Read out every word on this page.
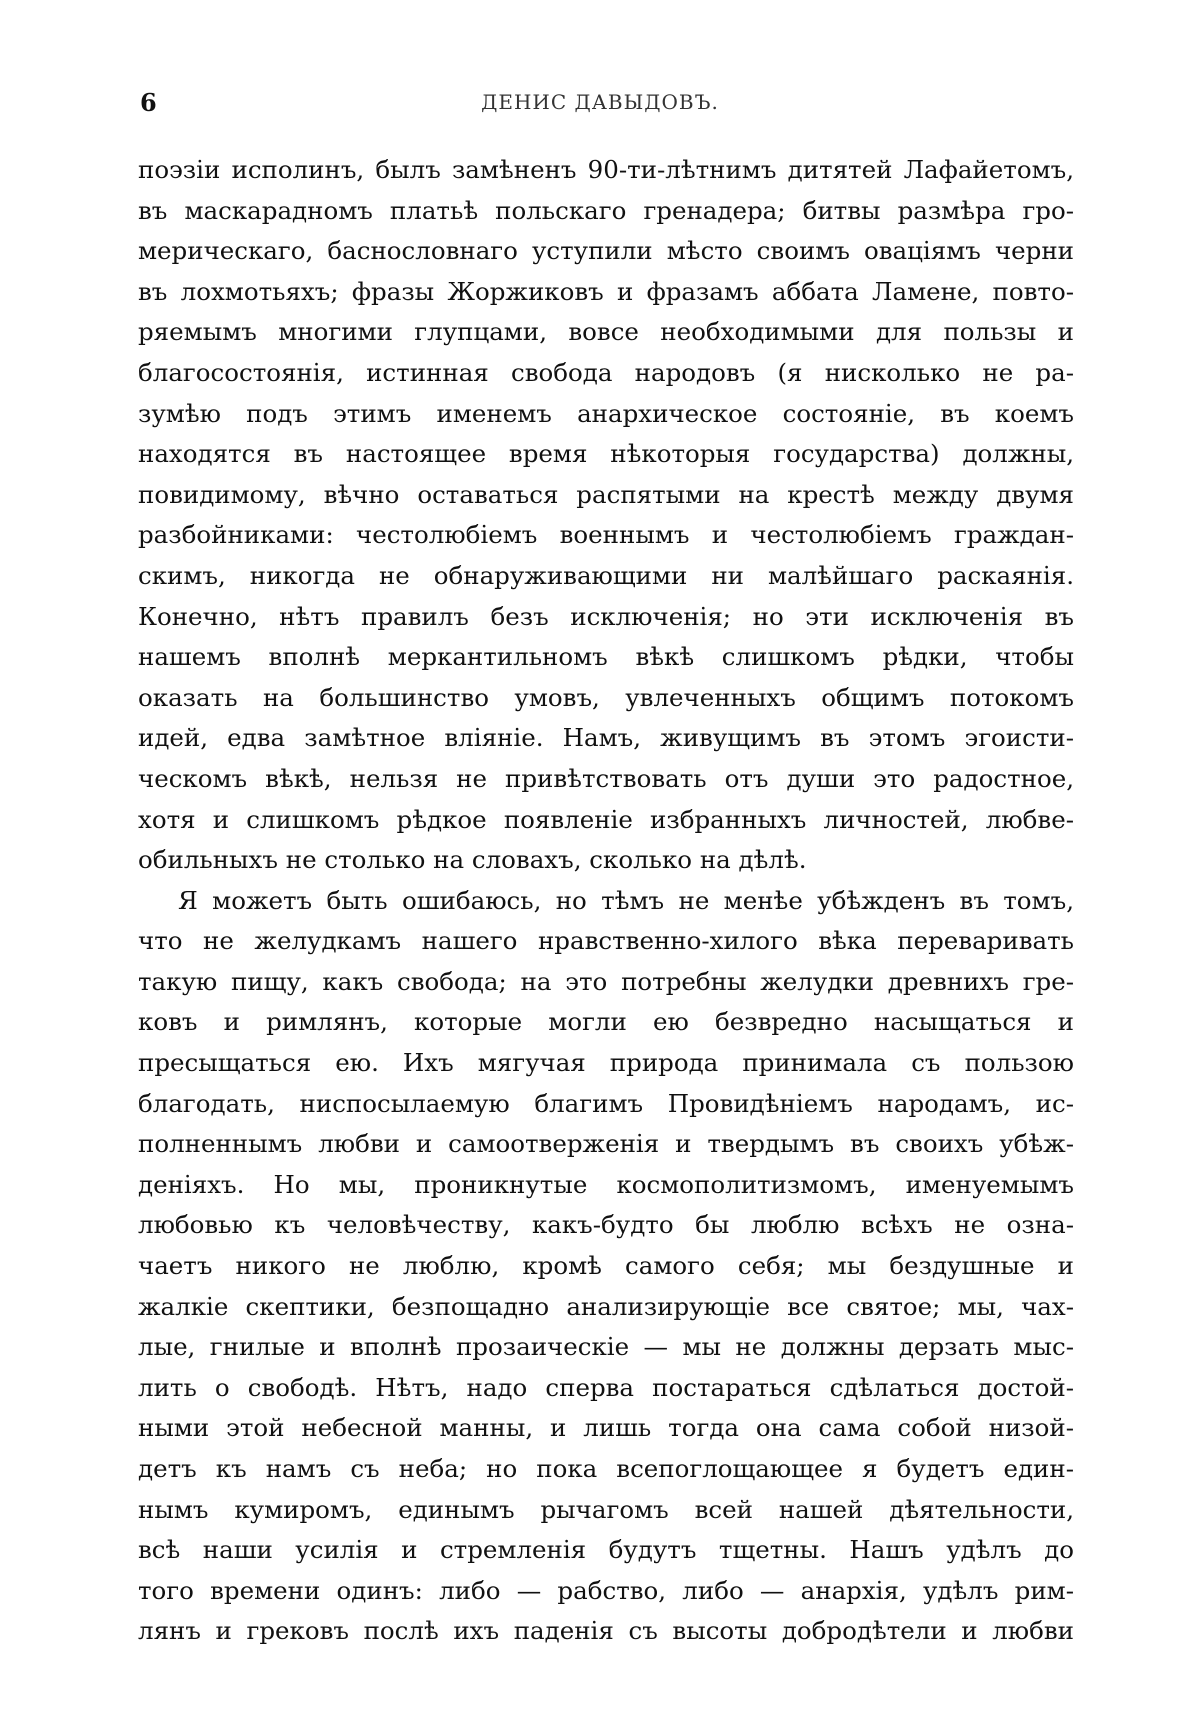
6	ДЕНИС ДАВЫДОВЪ.
поэзіи исполинъ, былъ замѣненъ 90-ти-лѣтнимъ дитятей Лафайетомъ,
въ маскарадномъ платьѣ польскаго гренадера; битвы размѣра гро-
мерическаго, баснословнаго уступили мѣсто своимъ оваціямъ черни
въ лохмотьяхъ; фразы Жоржиковъ и фразамъ аббата Ламене, повто-
ряемымъ многими глупцами, вовсе необходимыми для пользы и
благосостоянія, истинная свобода народовъ (я нисколько не ра-
зумѣю подъ этимъ именемъ анархическое состояніе, въ коемъ
находятся въ настоящее время нѣкоторыя государства) должны,
повидимому, вѣчно оставаться распятыми на крестѣ между двумя
разбойниками: честолюбіемъ военнымъ и честолюбіемъ граждан-
скимъ, никогда не обнаруживающими ни малѣйшаго раскаянія.
Конечно, нѣтъ правилъ безъ исключенія; но эти исключенія въ
нашемъ вполнѣ меркантильномъ вѣкѣ слишкомъ рѣдки, чтобы
оказать на большинство умовъ, увлеченныхъ общимъ потокомъ
идей, едва замѣтное вліяніе. Намъ, живущимъ въ этомъ эгоисти-
ческомъ вѣкѣ, нельзя не привѣтствовать отъ души это радостное,
хотя и слишкомъ рѣдкое появленіе избранныхъ личностей, любве-
обильныхъ не столько на словахъ, сколько на дѣлѣ.
Я можетъ быть ошибаюсь, но тѣмъ не менѣе убѣжденъ въ томъ,
что не желудкамъ нашего нравственно-хилого вѣка переваривать
такую пищу, какъ свобода; на это потребны желудки древнихъ гре-
ковъ и римлянъ, которые могли ею безвредно насыщаться и
пресыщаться ею. Ихъ мягучая природа принимала съ пользою
благодать, ниспосылаемую благимъ Провидѣніемъ народамъ, ис-
полненнымъ любви и самоотверженія и твердымъ въ своихъ убѣж-
деніяхъ. Но мы, проникнутые космополитизмомъ, именуемымъ
любовью къ человѣчеству, какъ-будто бы люблю всѣхъ не озна-
чаетъ никого не люблю, кромѣ самого себя; мы бездушные и
жалкіе скептики, безпощадно анализирующіе все святое; мы, чах-
лые, гнилые и вполнѣ прозаическіе — мы не должны дерзать мыс-
лить о свободѣ. Нѣтъ, надо сперва постараться сдѣлаться достой-
ными этой небесной манны, и лишь тогда она сама собой низой-
детъ къ намъ съ неба; но пока всепоглощающее я будетъ един-
нымъ кумиромъ, единымъ рычагомъ всей нашей дѣятельности,
всѣ наши усилія и стремленія будутъ тщетны. Нашъ удѣлъ до
того времени одинъ: либо — рабство, либо — анархія, удѣлъ рим-
лянъ и грековъ послѣ ихъ паденія съ высоты добродѣтели и любви
